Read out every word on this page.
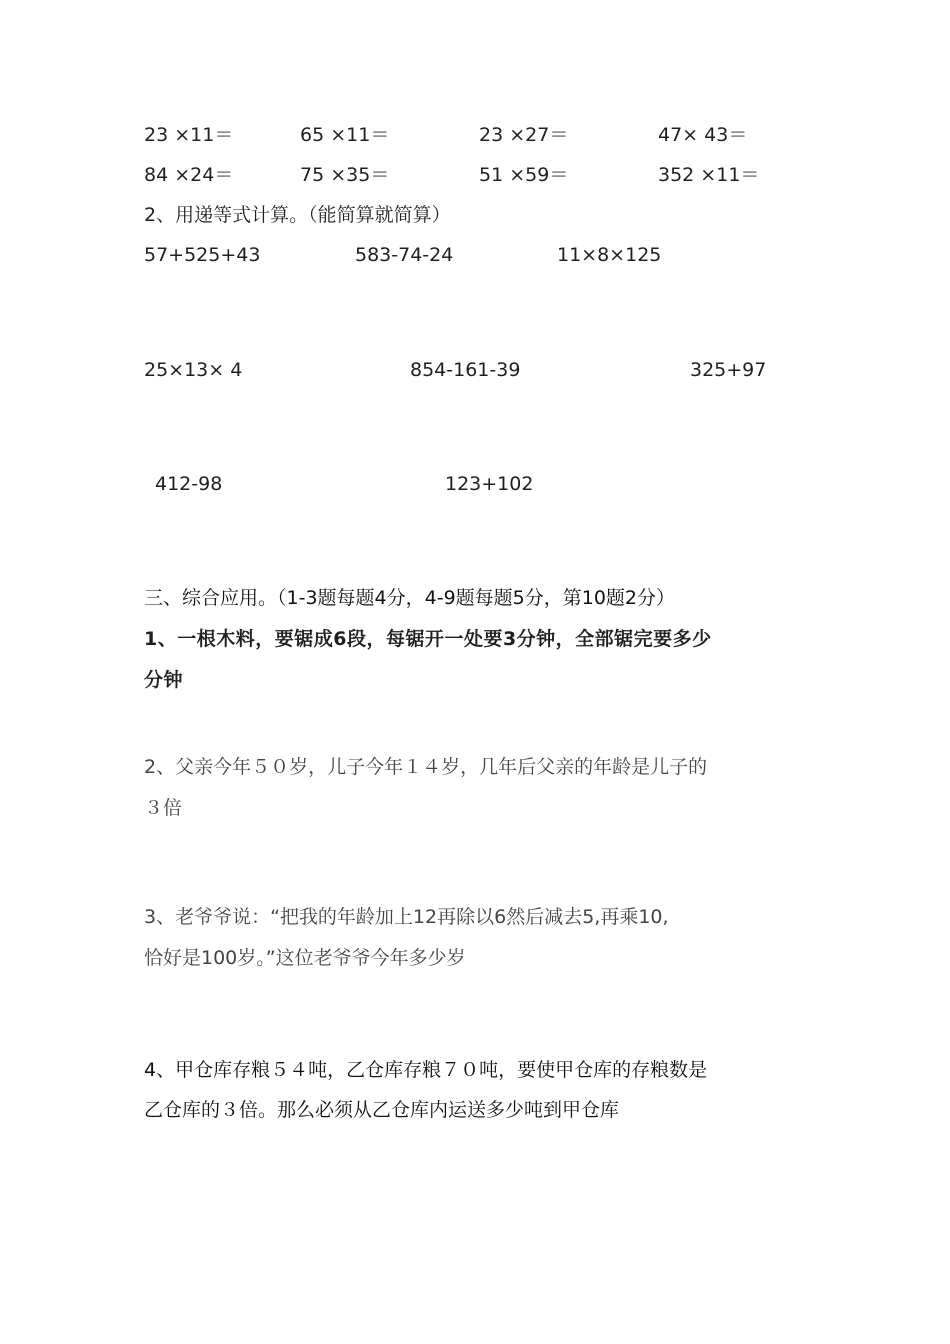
23 ×11＝	65 ×11＝	23 ×27＝	47× 43＝
84 ×24＝	75 ×35＝	51 ×59＝	352 ×11＝
2、用递等式计算。（能简算就简算）
57+525+43	583-74-24	11×8×125
25×13× 4	854-161-39	325+97
412-98	123+102
三、综合应用。（1-3题每题4分，4-9题每题5分，第10题2分）
1、一根木料，要锯成6段，每锯开一处要3分钟，全部锯完要多少
分钟
2、父亲今年５０岁，儿子今年１４岁，几年后父亲的年龄是儿子的
３倍
3、老爷爷说：“把我的年龄加上12再除以6然后减去5,再乘10,
恰好是100岁。”这位老爷爷今年多少岁
4、甲仓库存粮５４吨，乙仓库存粮７０吨，要使甲仓库的存粮数是
乙仓库的３倍。那么必须从乙仓库内运送多少吨到甲仓库
